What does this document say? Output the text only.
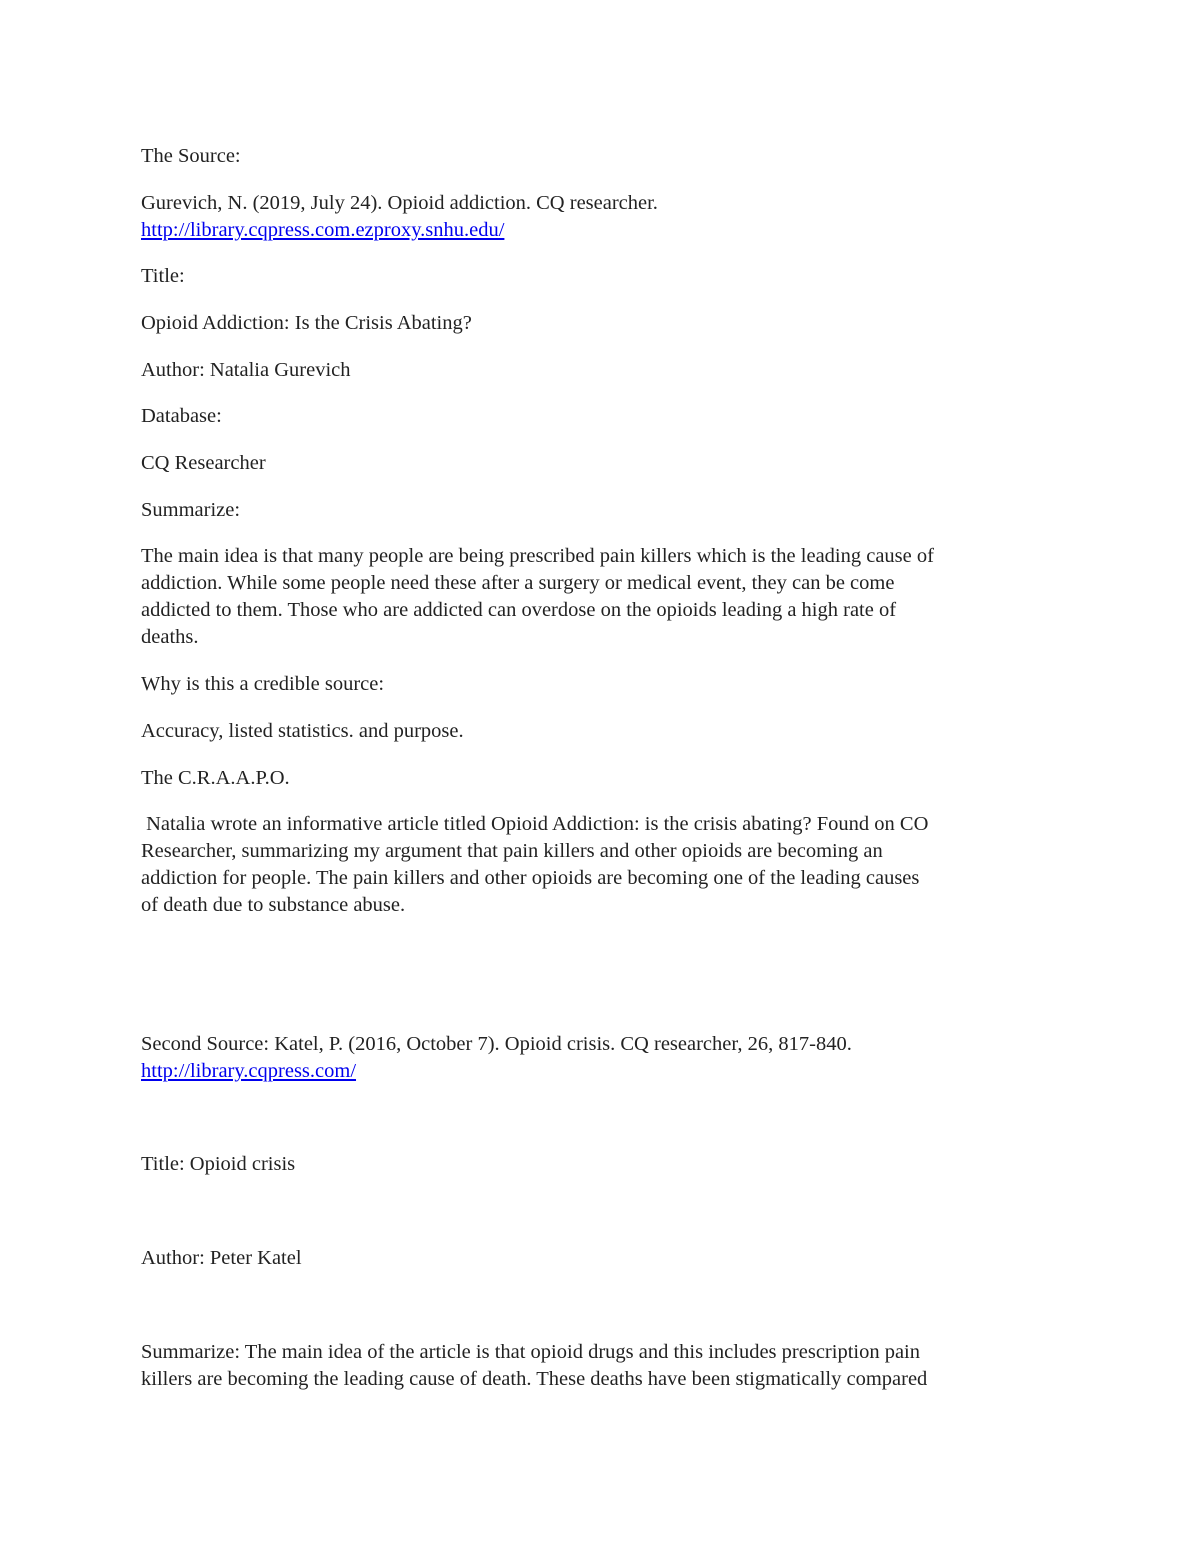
The Source:

Gurevich, N. (2019, July 24). Opioid addiction. CQ researcher.

http://library.cqpress.com.ezproxy.snhu.edu/

Title:

Opioid Addiction: Is the Crisis Abating?

Author: Natalia Gurevich

Database:

CQ Researcher

Summarize:

The main idea is that many people are being prescribed pain killers which is the leading cause of
addiction. While some people need these after a surgery or medical event, they can be come
addicted to them. Those who are addicted can overdose on the opioids leading a high rate of
deaths.

Why is this a credible source:

Accuracy, listed statistics. and purpose.

The C.R.A.A.P.O.

Natalia wrote an informative article titled Opioid Addiction: is the crisis abating? Found on CO
Researcher, summarizing my argument that pain killers and other opioids are becoming an
addiction for people. The pain killers and other opioids are becoming one of the leading causes
of death due to substance abuse.

Second Source: Katel, P. (2016, October 7). Opioid crisis. CQ researcher, 26, 817-840.

http://library.cqpress.com/

Title: Opioid crisis

Author: Peter Katel

Summarize: The main idea of the article is that opioid drugs and this includes prescription pain
killers are becoming the leading cause of death. These deaths have been stigmatically compared
